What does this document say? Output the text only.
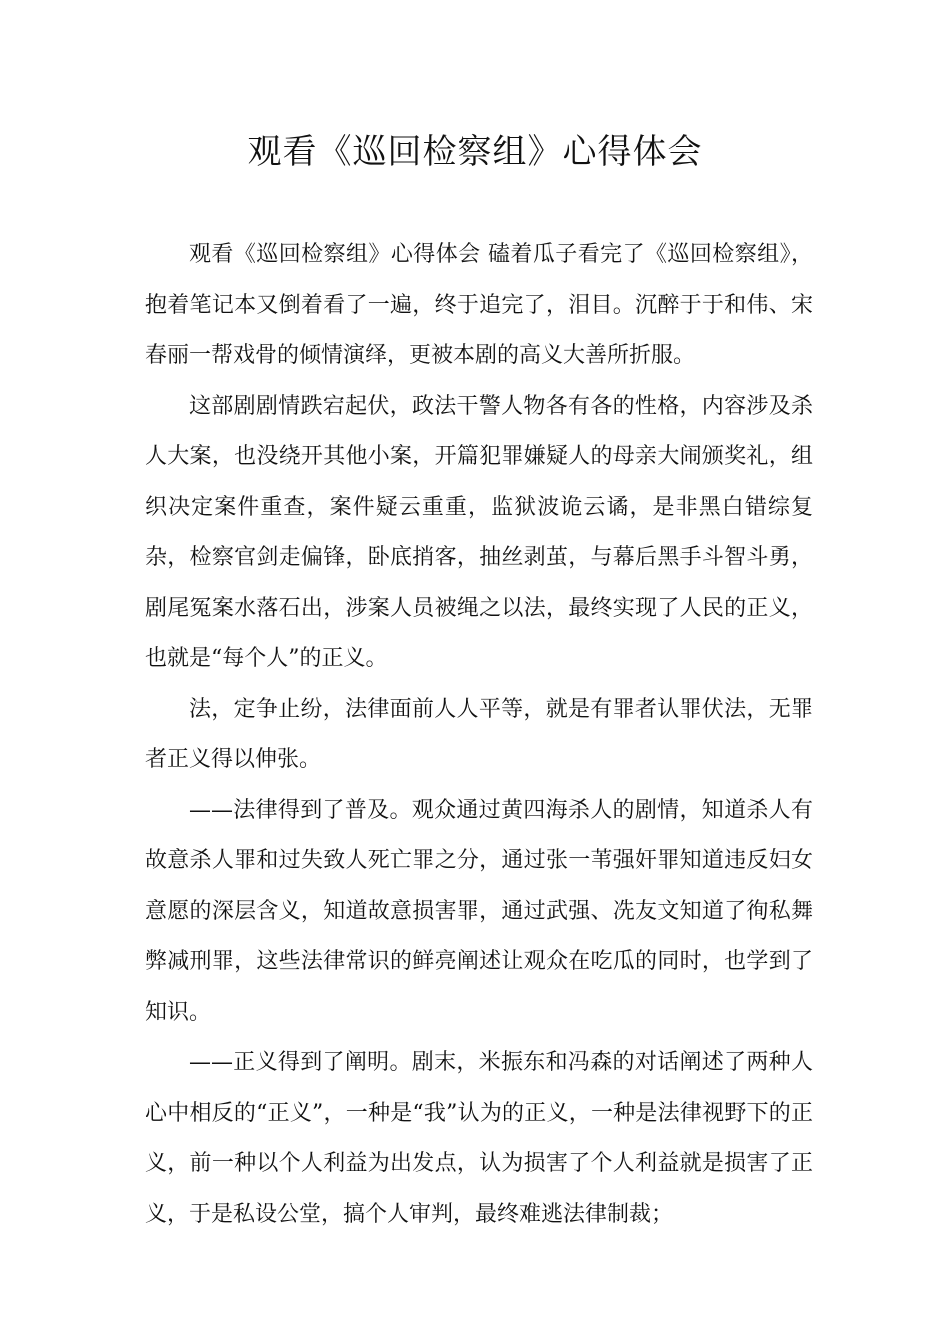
观看《巡回检察组》心得体会

观看《巡回检察组》心得体会 磕着瓜子看完了《巡回检察组》，抱着笔记本又倒着看了一遍，终于追完了，泪目。沉醉于于和伟、宋春丽一帮戏骨的倾情演绎，更被本剧的高义大善所折服。

这部剧剧情跌宕起伏，政法干警人物各有各的性格，内容涉及杀人大案，也没绕开其他小案，开篇犯罪嫌疑人的母亲大闹颁奖礼，组织决定案件重查，案件疑云重重，监狱波诡云谲，是非黑白错综复杂，检察官剑走偏锋，卧底捎客，抽丝剥茧，与幕后黑手斗智斗勇，剧尾冤案水落石出，涉案人员被绳之以法，最终实现了人民的正义，也就是“每个人”的正义。

法，定争止纷，法律面前人人平等，就是有罪者认罪伏法，无罪者正义得以伸张。

——法律得到了普及。观众通过黄四海杀人的剧情，知道杀人有故意杀人罪和过失致人死亡罪之分，通过张一苇强奸罪知道违反妇女意愿的深层含义，知道故意损害罪，通过武强、冼友文知道了徇私舞弊减刑罪，这些法律常识的鲜亮阐述让观众在吃瓜的同时，也学到了知识。

——正义得到了阐明。剧末，米振东和冯森的对话阐述了两种人心中相反的“正义”，一种是“我”认为的正义，一种是法律视野下的正义，前一种以个人利益为出发点，认为损害了个人利益就是损害了正义，于是私设公堂，搞个人审判，最终难逃法律制裁；
